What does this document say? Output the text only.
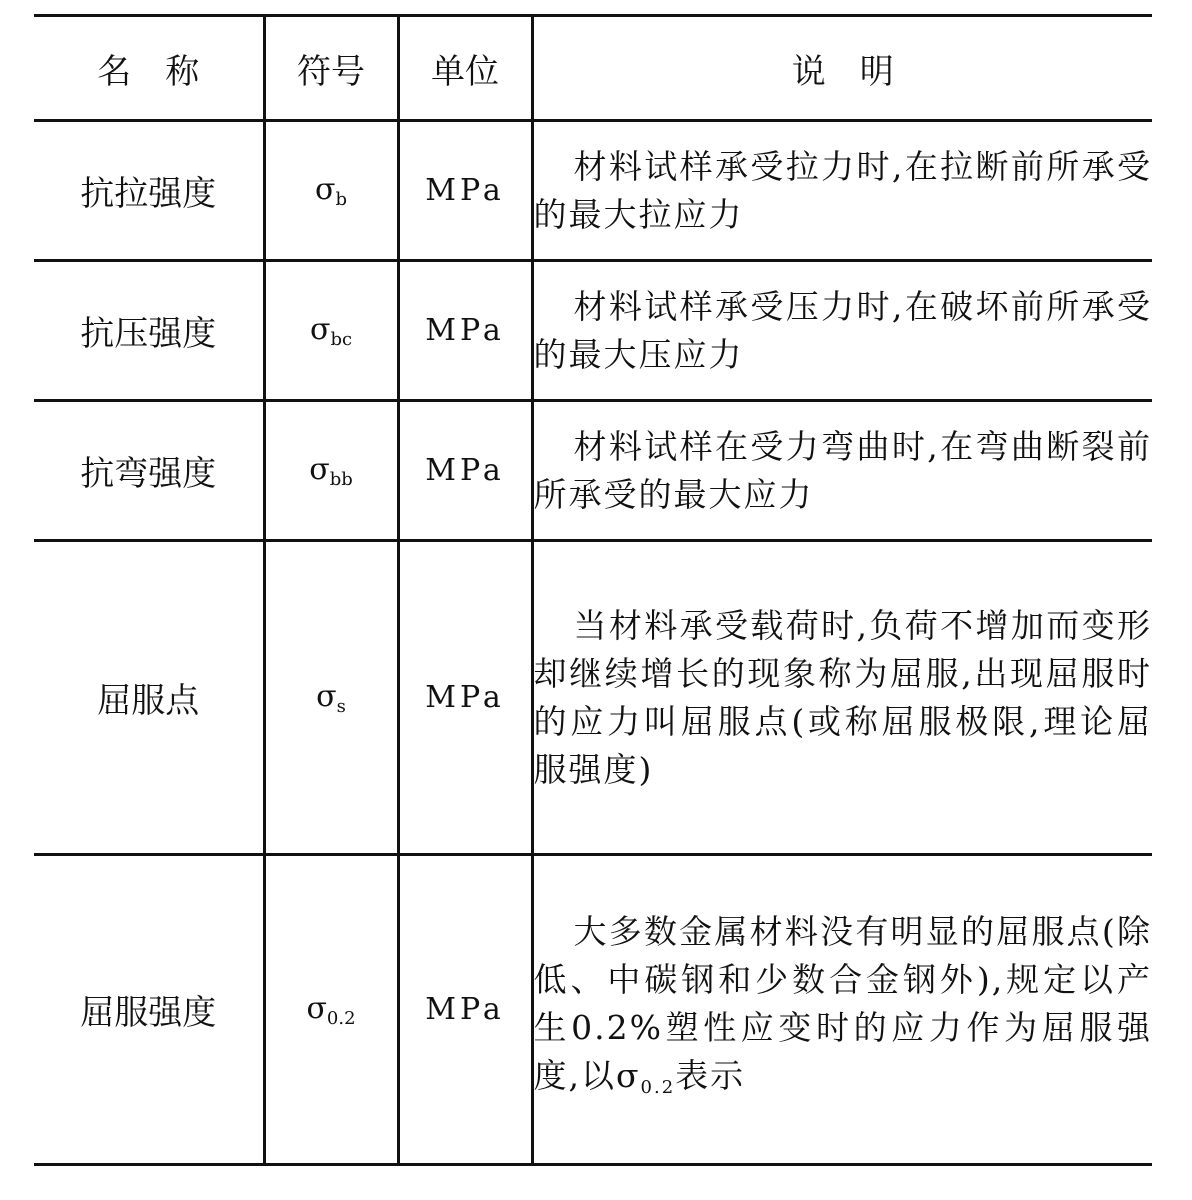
名　称	符号	单位	说　明
抗拉强度	$\sigma_b$	MPa	材料试样承受拉力时,在拉断前所承受的最大拉应力
抗压强度	$\sigma_{bc}$	MPa	材料试样承受压力时,在破坏前所承受的最大压应力
抗弯强度	$\sigma_{bb}$	MPa	材料试样在受力弯曲时,在弯曲断裂前所承受的最大应力
屈服点	$\sigma_s$	MPa	当材料承受载荷时,负荷不增加而变形却继续增长的现象称为屈服,出现屈服时的应力叫屈服点(或称屈服极限,理论屈服强度)
屈服强度	$\sigma_{0.2}$	MPa	大多数金属材料没有明显的屈服点(除低、中碳钢和少数合金钢外),规定以产生0.2%塑性应变时的应力作为屈服强度,以$\sigma_{0.2}$表示
